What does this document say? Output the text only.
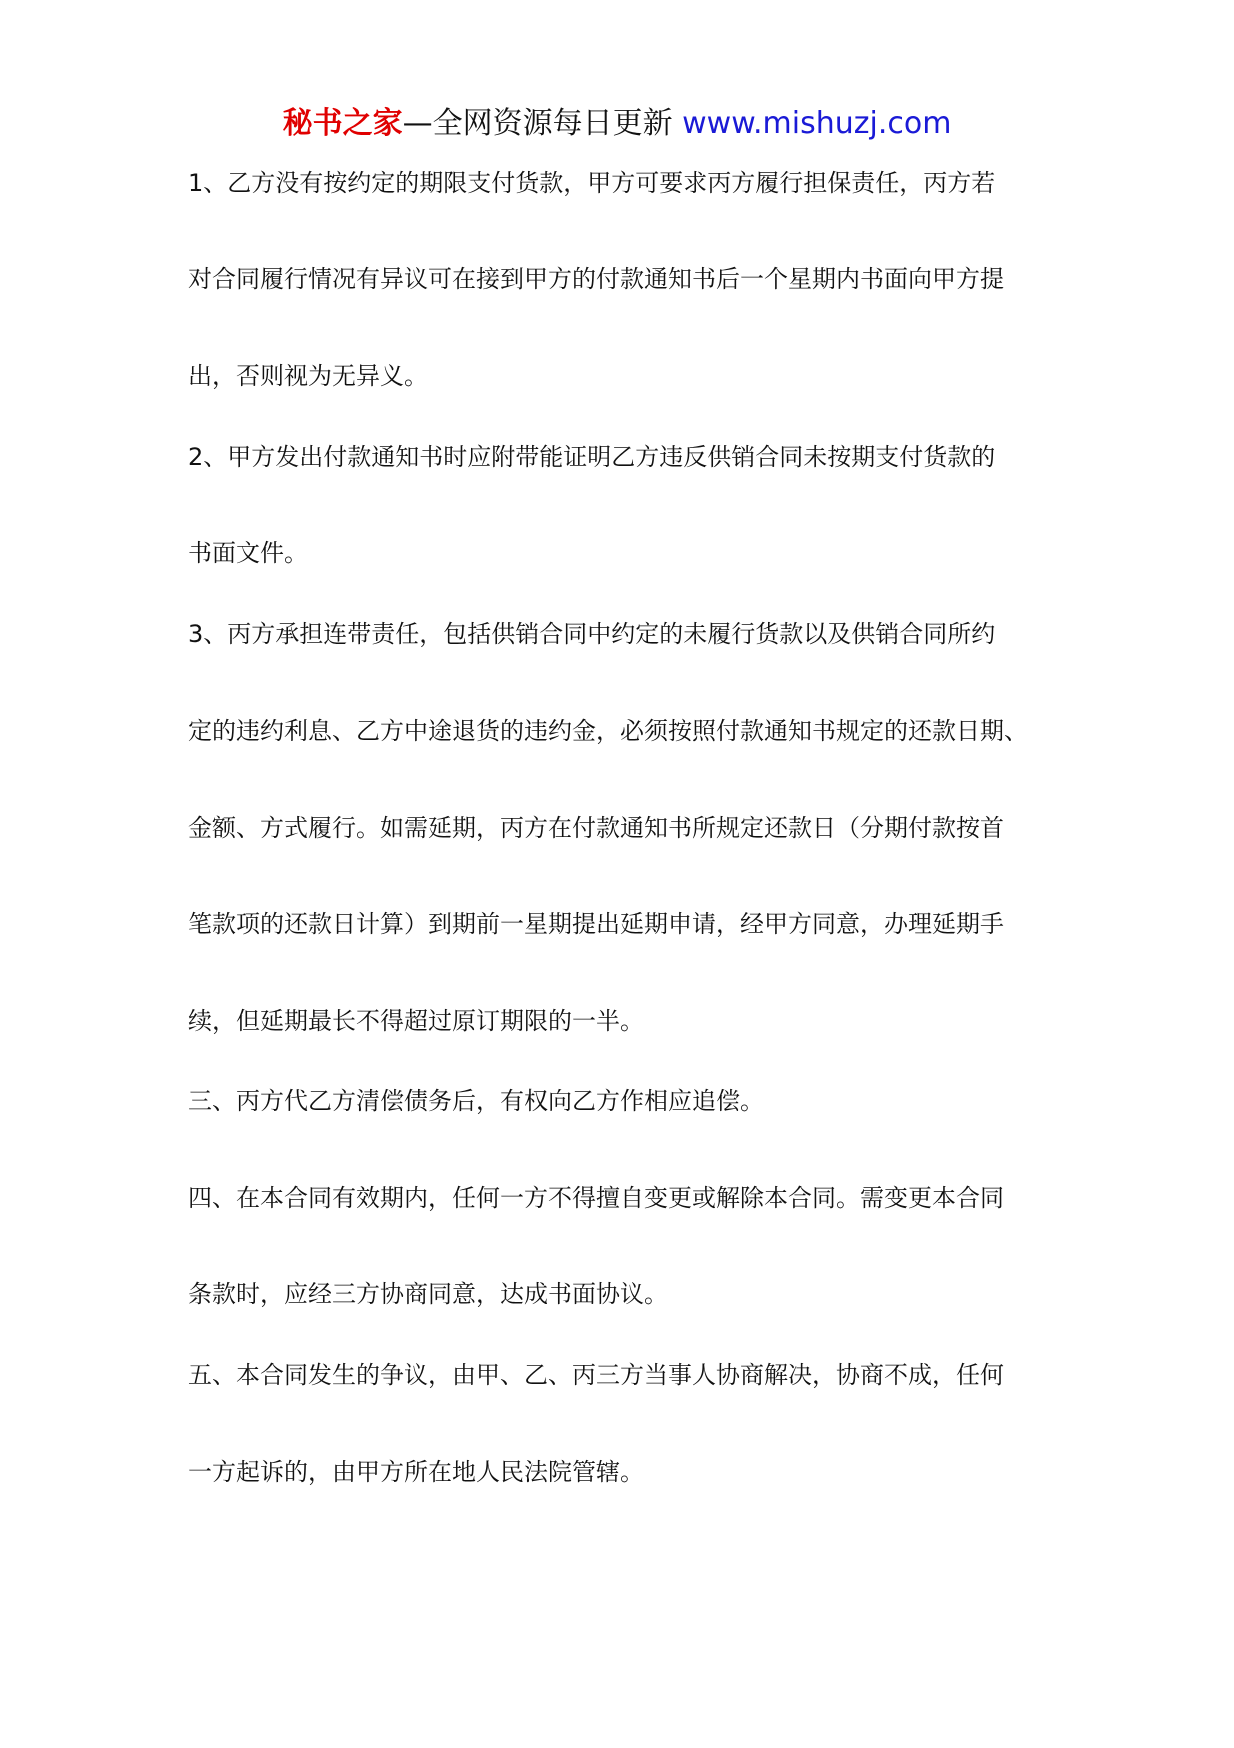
秘书之家—全网资源每日更新 www.mishuzj.com
1、乙方没有按约定的期限支付货款，甲方可要求丙方履行担保责任，丙方若
对合同履行情况有异议可在接到甲方的付款通知书后一个星期内书面向甲方提
出，否则视为无异义。
2、甲方发出付款通知书时应附带能证明乙方违反供销合同未按期支付货款的
书面文件。
3、丙方承担连带责任，包括供销合同中约定的未履行货款以及供销合同所约
定的违约利息、乙方中途退货的违约金，必须按照付款通知书规定的还款日期、
金额、方式履行。如需延期，丙方在付款通知书所规定还款日（分期付款按首
笔款项的还款日计算）到期前一星期提出延期申请，经甲方同意，办理延期手
续，但延期最长不得超过原订期限的一半。
三、丙方代乙方清偿债务后，有权向乙方作相应追偿。
四、在本合同有效期内，任何一方不得擅自变更或解除本合同。需变更本合同
条款时，应经三方协商同意，达成书面协议。
五、本合同发生的争议，由甲、乙、丙三方当事人协商解决，协商不成，任何
一方起诉的，由甲方所在地人民法院管辖。
